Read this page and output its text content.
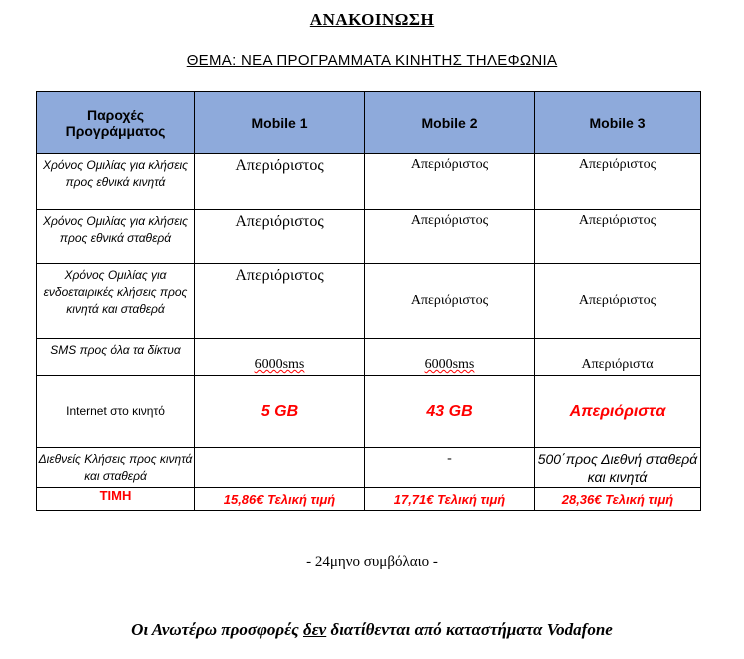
ΑΝΑΚΟΙΝΩΣΗ
ΘΕΜΑ: ΝΕΑ ΠΡΟΓΡΑΜΜΑΤΑ ΚΙΝΗΤΗΣ ΤΗΛΕΦΩΝΙΑ
Παροχές Προγράμματος	Mobile 1	Mobile 2	Mobile 3
Χρόνος Ομιλίας για κλήσεις προς εθνικά κινητά	Απεριόριστος	Απεριόριστος	Απεριόριστος
Χρόνος Ομιλίας για κλήσεις προς εθνικά σταθερά	Απεριόριστος	Απεριόριστος	Απεριόριστος
Χρόνος Ομιλίας για ενδοεταιρικές κλήσεις προς κινητά και σταθερά	Απεριόριστος	Απεριόριστος	Απεριόριστος
SMS προς όλα τα δίκτυα	6000sms	6000sms	Απεριόριστα
Internet στο κινητό	5 GB	43 GB	Απεριόριστα
Διεθνείς Κλήσεις προς κινητά και σταθερά		-	500΄προς Διεθνή σταθερά και κινητά
ΤΙΜΗ	15,86€ Τελική τιμή	17,71€ Τελική τιμή	28,36€ Τελική τιμή
- 24μηνο συμβόλαιο -
Οι Ανωτέρω προσφορές δεν διατίθενται από καταστήματα Vodafone
